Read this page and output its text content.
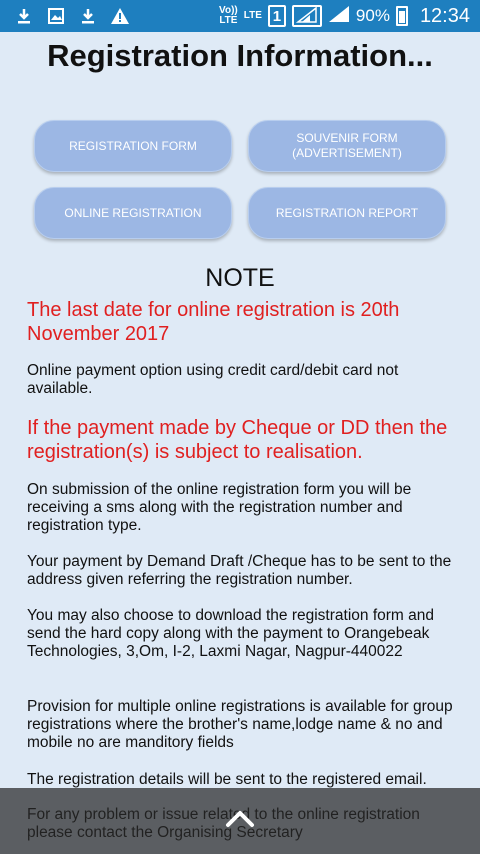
Vo))
LTE LTE 1	90% 12:34
Registration Information...
REGISTRATION FORM
SOUVENIR FORM
(ADVERTISEMENT)
ONLINE REGISTRATION	REGISTRATION REPORT
NOTE
The last date for online registration is 20th November 2017
Online payment option using credit card/debit card not available.
If the payment made by Cheque or DD then the registration(s) is subject to realisation.
On submission of the online registration form you will be receiving a sms along with the registration number and registration type.
Your payment by Demand Draft /Cheque has to be sent to the address given referring the registration number.
You may also choose to download the registration form and send the hard copy along with the payment to Orangebeak Technologies, 3,Om, I-2, Laxmi Nagar, Nagpur-440022
Provision for multiple online registrations is available for group registrations where the brother's name,lodge name & no and mobile no are manditory fields
The registration details will be sent to the registered email.
